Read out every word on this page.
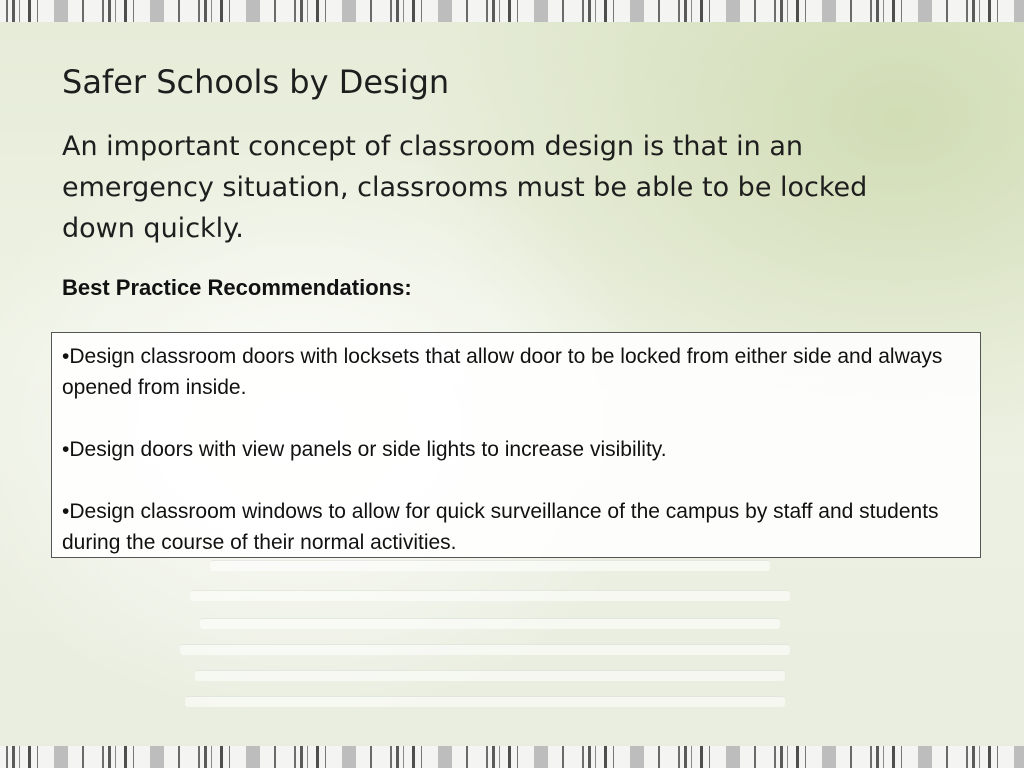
Safer Schools by Design

An important concept of classroom design is that in an emergency situation, classrooms must be able to be locked down quickly.

Best Practice Recommendations:

•Design classroom doors with locksets that allow door to be locked from either side and always opened from inside.

•Design doors with view panels or side lights to increase visibility.

•Design classroom windows to allow for quick surveillance of the campus by staff and students during the course of their normal activities.
